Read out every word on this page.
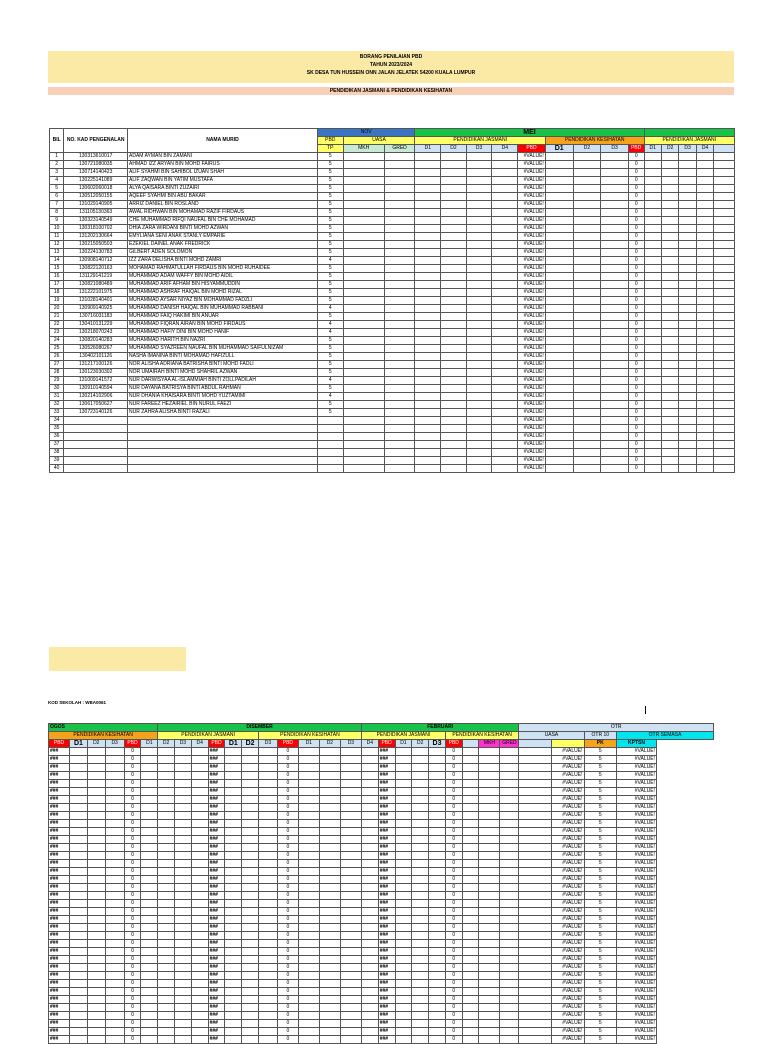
BORANG PENILAIAN PBD
TAHUN 2023/2024
SK DESA TUN HUSSEIN ONN JALAN JELATEK 54200 KUALA LUMPUR
PENDIDIKAN JASMANI & PENDIDIKAN KESIHATAN
BIL	NO. KAD PENGENALAN	NAMA MURID	NOV			MEI													
			PBD	UASA		PENDIDIKAN JASMANI					PENDIDIKAN KESIHATAN				PENDIDIKAN JASMANI				
			TP	MKH	GRED	D1	D2	D3	D4	PBD	D1	D2	D3	PBD	D1	D2	D3	D4	
1	130313610017	ADAM AYMAN BIN ZAMANI	5							#VALUE!				0					
2	130721080035	AHMAD IZZ ARYAN BIN MOHD FAIRUS	5							#VALUE!				0					
3	130714140423	ALIF SYAHMI BIN SAHIBOL IZUAN SHAH	5							#VALUE!				0					
4	130225141089	ALIF ZAQWAN BIN YATIM MUSTAFA	5							#VALUE!				0					
5	130602060018	ALYA QAISARA BINTI ZUZAIRI	5							#VALUE!				0					
6	130512050155	AQEEF SYAHMI BIN ABU BAKAR	5							#VALUE!				0					
7	131029140905	ARRIZ DANIEL BIN ROSLAND	5							#VALUE!				0					
8	131105130363	AWAL RIDHWAN BIN MOHAMAD RAZIF FIRDAUS	5							#VALUE!				0					
9	130323140549	CHE MUHAMMAD RIFQI NAUFAL BIN CHE MOHAMAD	5							#VALUE!				0					
10	130318100702	DHIA ZARA WIRDANI BINTI MOHD AZWAN	5							#VALUE!				0					
11	131202130664	EMYLIANA SENI ANAK STANLY EMPARIE	5							#VALUE!				0					
12	130215050503	EZEKIEL DAINEL ANAK FREDRICK	5							#VALUE!				0					
13	130224130783	GILBERT ADEN SOLOMON	5							#VALUE!				0					
14	130908140712	IZZ ZARA DELISHA BINTI MOHD ZAMRI	4							#VALUE!				0					
15	130822120163	MOHAMAD RAHMATULLAH FIRDAUS BIN MOHD RUHAIDEE	5							#VALUE!				0					
16	131129141219	MUHAMMAD ADAM WAFFY BIN MOHD AIDIL	5							#VALUE!				0					
17	130821080489	MUHAMMAD ARIF AFHAM BIN HISYAMMUDDIN	5							#VALUE!				0					
18	131222101975	MUHAMMAD ASHRAF HAIQAL BIN MOHD RIZAL	5							#VALUE!				0					
19	131028140401	MUHAMMAD AYSAR NIYAZ BIN MOHAMMAD FADZLI	5							#VALUE!				0					
20	130909140925	MUHAMMAD DANISH HAIQAL BIN MUHAMMAD RABBANI	4							#VALUE!				0					
21	130716031183	MUHAMMAD FAIQ HAKIMI BIN ANUAR	5							#VALUE!				0					
22	130410131229	MUHAMMAD FIQRAN AIRAN BIN MOHD FIRDAUS	4							#VALUE!				0					
23	130218070243	MUHAMMAD HAFIY DINI BIN MOHD HANIF	4							#VALUE!				0					
24	130820140283	MUHAMMAD HARITH BIN NAZRI	5							#VALUE!				0					
25	130526080267	MUHAMMAD SYAZREEN NAUFAL BIN MUHAMMAD SAIFULNIZAM	5							#VALUE!				0					
26	130402101126	NASHA IMANINA BINTI MOHAMAD HAFIZULL	5							#VALUE!				0					
27	131217100126	NOR ALISHA ADRIANA BATRISHA BINTI MOHD FADLI	5							#VALUE!				0					
28	130123030302	NOR UMAIRAH BINTI MOHD SHAHRIL AZWAN	5							#VALUE!				0					
29	131009141572	NUR DARWISYAA AL-ISLAMMIAH BINTI ZOLLPADILAH	4							#VALUE!				0					
30	130910140594	NUR DAYANA BATRISYA BINTI ABDUL RAHMAN	5							#VALUE!				0					
31	130214102906	NUR DHANIA KHAISARA BINTI MOHD YUZTAMIMI	4							#VALUE!				0					
32	130617050627	NUR FAREEZ HEZAIRIEL BIN NURUL FAEZI	5							#VALUE!				0					
33	130723140126	NUR ZAHRA ALISHA BINTI RAZALI	5							#VALUE!				0					
34										#VALUE!				0					
35										#VALUE!				0					
36										#VALUE!				0					
37										#VALUE!				0					
38										#VALUE!				0					
39										#VALUE!				0					
40										#VALUE!				0					
KOD SEKOLAH : WBA0061
OGOS						DISEMBER											FEBRUARI									OTR			
PENDIDIKAN KESIHATAN						PENDIDIKAN JASMANI						PENDIDIKAN KESIHATAN					PENDIDIKAN JASMANI					PENDIDIKAN KESIHATAN				UASA		OTR 10	OTR SEMASA
PBD	D1	D2	D3	PBD	D1	D2	D3	D4	PBD	D1	D2	D3	PBD	D1	D2	D3	D4	PBD	D1	D2	D3	PBD		MKH	GRED			PK	KPTSN
###				0					###				0					###				0					#VALUE!	5	#VALUE!
###				0					###				0					###				0					#VALUE!	5	#VALUE!
###				0					###				0					###				0					#VALUE!	5	#VALUE!
###				0					###				0					###				0					#VALUE!	5	#VALUE!
###				0					###				0					###				0					#VALUE!	5	#VALUE!
###				0					###				0					###				0					#VALUE!	5	#VALUE!
###				0					###				0					###				0					#VALUE!	5	#VALUE!
###				0					###				0					###				0					#VALUE!	5	#VALUE!
###				0					###				0					###				0					#VALUE!	5	#VALUE!
###				0					###				0					###				0					#VALUE!	5	#VALUE!
###				0					###				0					###				0					#VALUE!	5	#VALUE!
###				0					###				0					###				0					#VALUE!	5	#VALUE!
###				0					###				0					###				0					#VALUE!	5	#VALUE!
###				0					###				0					###				0					#VALUE!	5	#VALUE!
###				0					###				0					###				0					#VALUE!	5	#VALUE!
###				0					###				0					###				0					#VALUE!	5	#VALUE!
###				0					###				0					###				0					#VALUE!	5	#VALUE!
###				0					###				0					###				0					#VALUE!	5	#VALUE!
###				0					###				0					###				0					#VALUE!	5	#VALUE!
###				0					###				0					###				0					#VALUE!	5	#VALUE!
###				0					###				0					###				0					#VALUE!	5	#VALUE!
###				0					###				0					###				0					#VALUE!	5	#VALUE!
###				0					###				0					###				0					#VALUE!	5	#VALUE!
###				0					###				0					###				0					#VALUE!	5	#VALUE!
###				0					###				0					###				0					#VALUE!	5	#VALUE!
###				0					###				0					###				0					#VALUE!	5	#VALUE!
###				0					###				0					###				0					#VALUE!	5	#VALUE!
###				0					###				0					###				0					#VALUE!	5	#VALUE!
###				0					###				0					###				0					#VALUE!	5	#VALUE!
###				0					###				0					###				0					#VALUE!	5	#VALUE!
###				0					###				0					###				0					#VALUE!	5	#VALUE!
###				0					###				0					###				0					#VALUE!	5	#VALUE!
###				0					###				0					###				0					#VALUE!	5	#VALUE!
###				0					###				0					###				0					#VALUE!	5	#VALUE!
###				0					###				0					###				0					#VALUE!	5	#VALUE!
###				0					###				0					###				0					#VALUE!	5	#VALUE!
###				0					###				0					###				0					#VALUE!	5	#VALUE!
